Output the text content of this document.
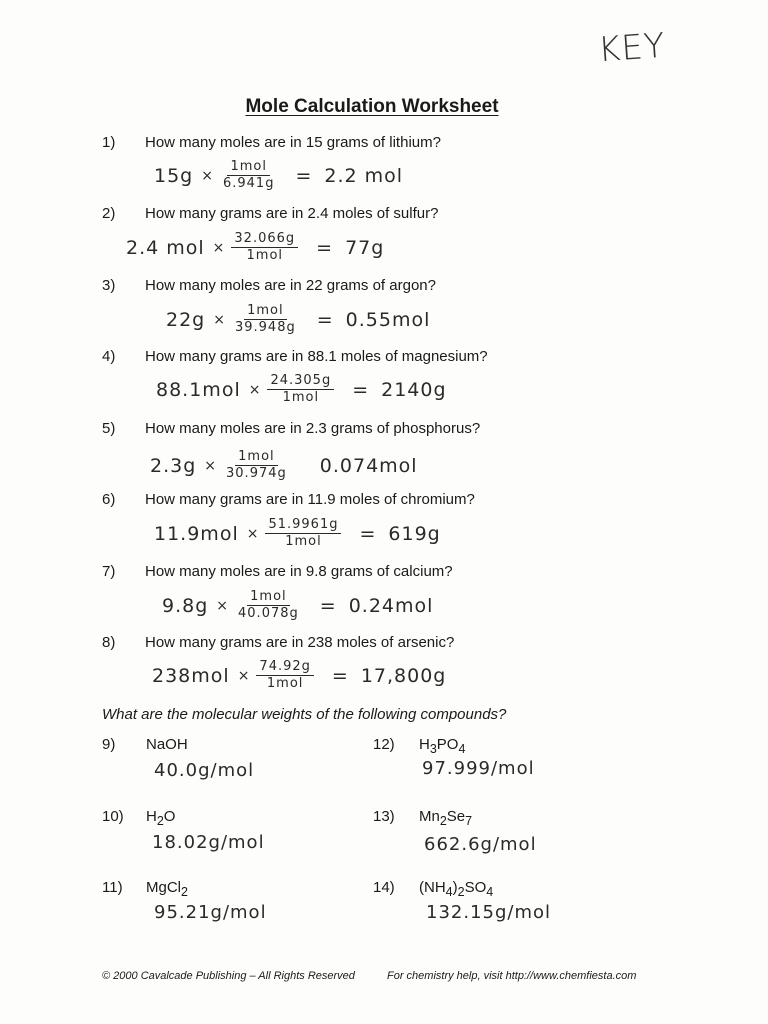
KEY
Mole Calculation Worksheet
1) How many moles are in 15 grams of lithium?
$15g \times \frac{\text{1mol}}{6.941g} = 2.2$ mol
2) How many grams are in 2.4 moles of sulfur?
2.4 mol × $\frac{32.066g}{\text{1mol}} = 77g$
3) How many moles are in 22 grams of argon?
$22g \times \frac{\text{1mol}}{39.948g} = 0.55mol$
4) How many grams are in 88.1 moles of magnesium?
$88.1mol \times \frac{24.305g}{\text{1mol}} = 2140g$
5) How many moles are in 2.3 grams of phosphorus?
$2.3g \times \frac{\text{1mol}}{30.974g} 0.074mol$
6) How many grams are in 11.9 moles of chromium?
$11.9mol \times \frac{51.9961g}{\text{1mol}} = 619g$
7) How many moles are in 9.8 grams of calcium?
$9.8g \times \frac{\text{1mol}}{40.078g} = 0.24mol$
8) How many grams are in 238 moles of arsenic?
$238mol \times \frac{74.92g}{\text{1mol}} = 17,800g$
What are the molecular weights of the following compounds?
9) NaOH
40.0g/mol
10) $H_2O$
18.02g/mol
11) MgCl$_2$
95.21g/mol
12) $H_3PO_4$
97.999/mol
13) $Mn_2Se_7$
662.6g/mol
14) $(NH_4)_2SO_4$
132.15g/mol
© 2000 Cavalcade Publishing – All Rights Reserved	For chemistry help, visit http://www.chemfiesta.com
